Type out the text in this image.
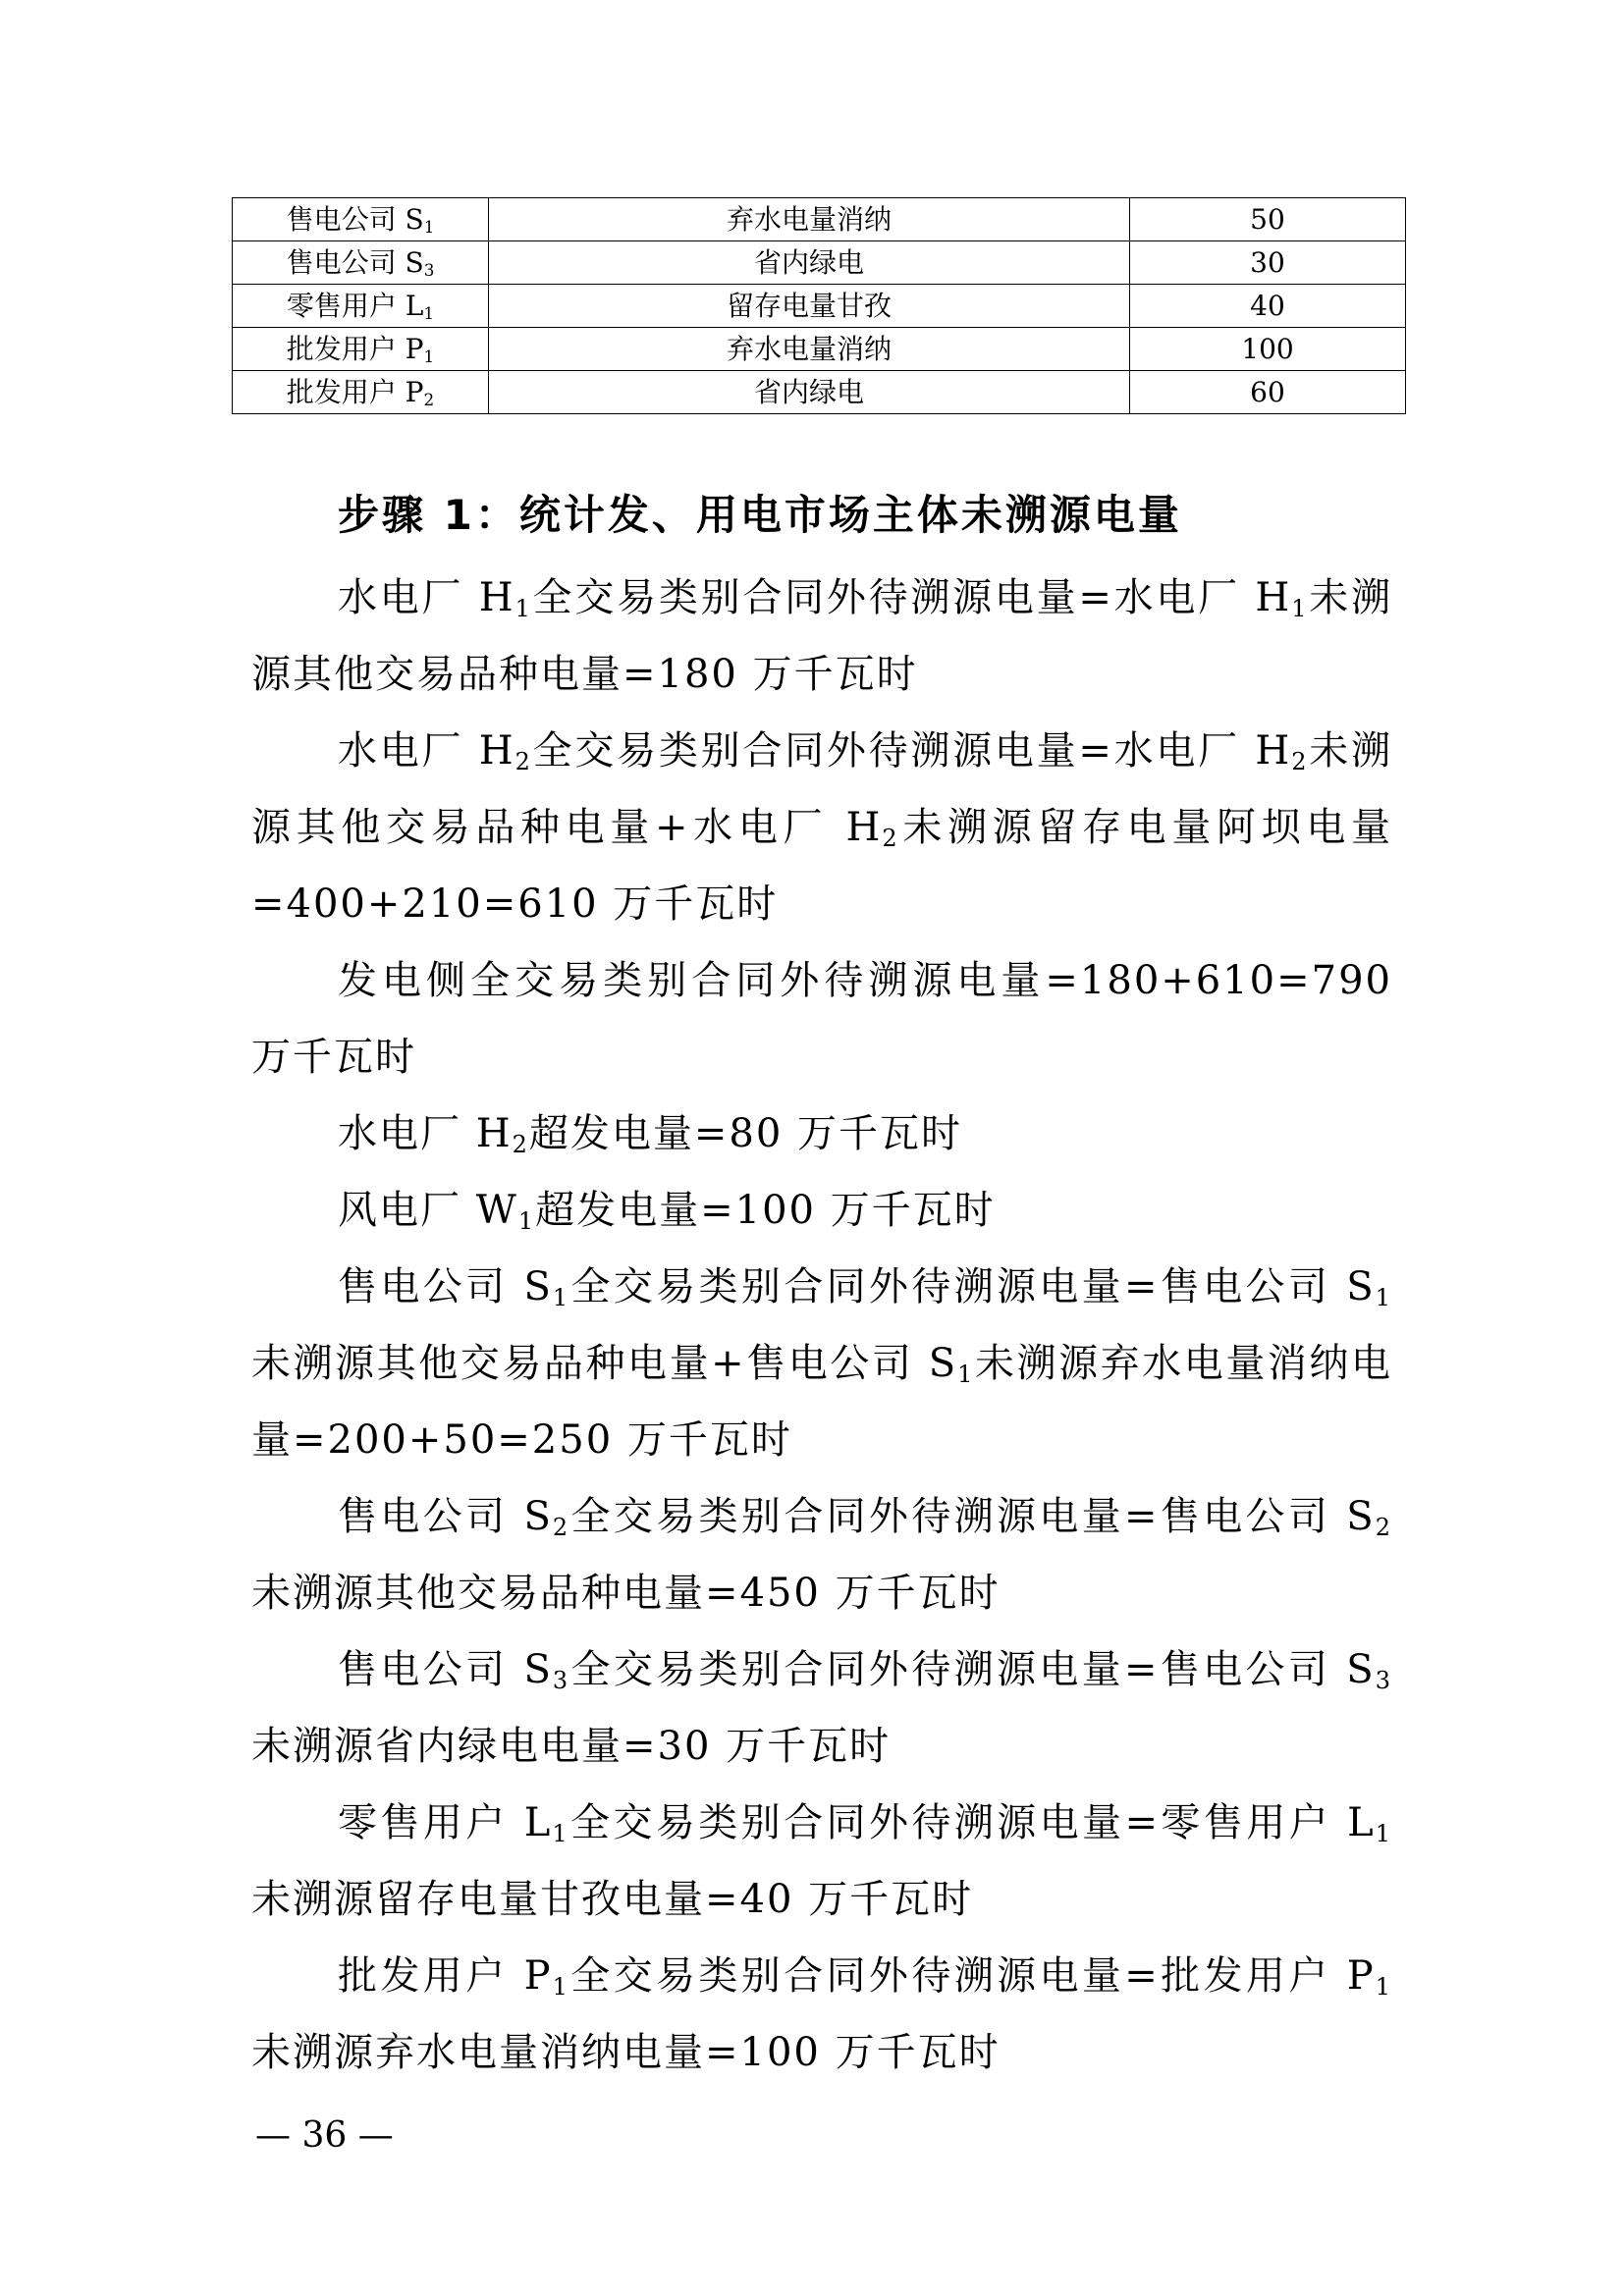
售电公司 $S_1$	弃水电量消纳	50
售电公司 $S_3$	省内绿电	30
零售用户 $L_1$	留存电量甘孜	40
批发用户 $P_1$	弃水电量消纳	100
批发用户 $P_2$	省内绿电	60
步骤 1：统计发、用电市场主体未溯源电量

水电厂 $H_1$全交易类别合同外待溯源电量=水电厂 $H_1$未溯源其他交易品种电量=180 万千瓦时

水电厂 $H_2$全交易类别合同外待溯源电量=水电厂 $H_2$未溯源其他交易品种电量+水电厂 $H_2$未溯源留存电量阿坝电量=400+210=610 万千瓦时

发电侧全交易类别合同外待溯源电量=180+610=790 万千瓦时

水电厂 $H_2$超发电量=80 万千瓦时

风电厂 $W_1$超发电量=100 万千瓦时

售电公司 $S_1$全交易类别合同外待溯源电量=售电公司 $S_1$未溯源其他交易品种电量+售电公司 $S_1$未溯源弃水电量消纳电量=200+50=250 万千瓦时

售电公司 $S_2$全交易类别合同外待溯源电量=售电公司 $S_2$未溯源其他交易品种电量=450 万千瓦时

售电公司 $S_3$全交易类别合同外待溯源电量=售电公司 $S_3$未溯源省内绿电电量=30 万千瓦时

零售用户 $L_1$全交易类别合同外待溯源电量=零售用户 $L_1$未溯源留存电量甘孜电量=40 万千瓦时

批发用户 $P_1$全交易类别合同外待溯源电量=批发用户 $P_1$未溯源弃水电量消纳电量=100 万千瓦时

— 36 —
